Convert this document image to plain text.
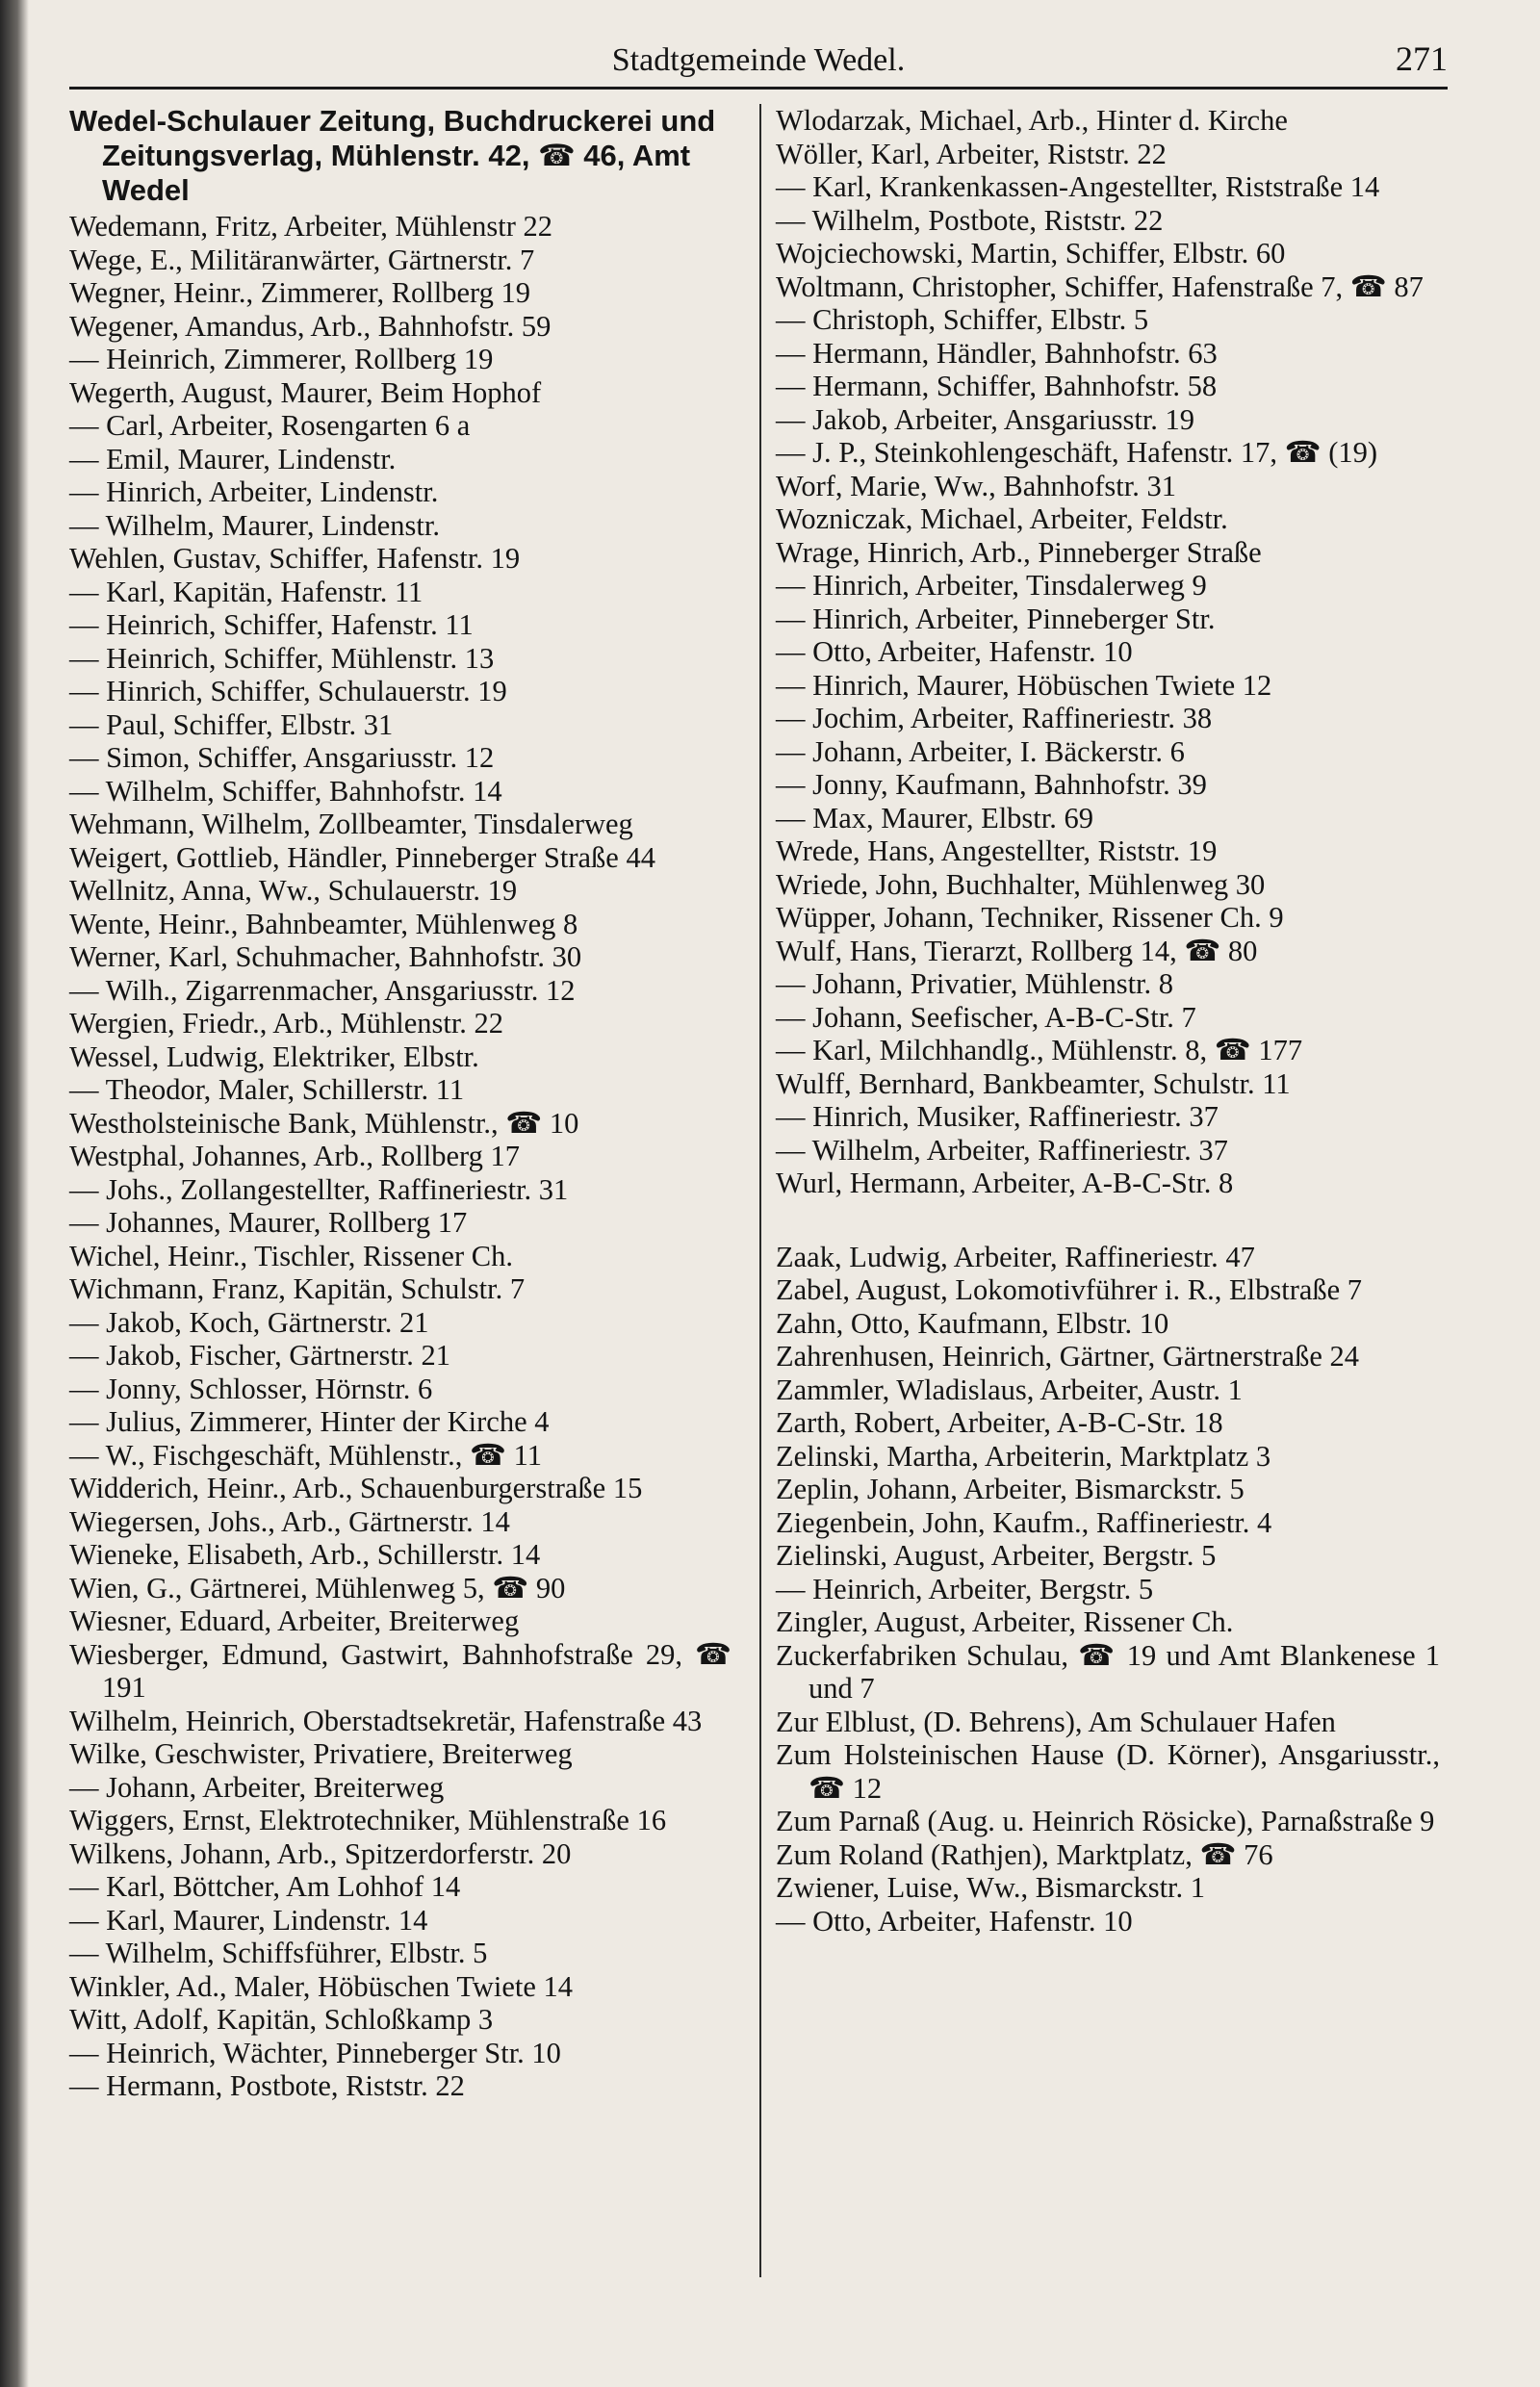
Stadtgemeinde Wedel.	271
Wedel-Schulauer Zeitung, Buchdruckerei und Zeitungsverlag, Mühlenstr. 42, ☎ 46, Amt Wedel
Wedemann, Fritz, Arbeiter, Mühlenstr 22
Wege, E., Militäranwärter, Gärtnerstr. 7
Wegner, Heinr., Zimmerer, Rollberg 19
Wegener, Amandus, Arb., Bahnhofstr. 59
— Heinrich, Zimmerer, Rollberg 19
Wegerth, August, Maurer, Beim Hophof
— Carl, Arbeiter, Rosengarten 6 a
— Emil, Maurer, Lindenstr.
— Hinrich, Arbeiter, Lindenstr.
— Wilhelm, Maurer, Lindenstr.
Wehlen, Gustav, Schiffer, Hafenstr. 19
— Karl, Kapitän, Hafenstr. 11
— Heinrich, Schiffer, Hafenstr. 11
— Heinrich, Schiffer, Mühlenstr. 13
— Hinrich, Schiffer, Schulauerstr. 19
— Paul, Schiffer, Elbstr. 31
— Simon, Schiffer, Ansgariusstr. 12
— Wilhelm, Schiffer, Bahnhofstr. 14
Wehmann, Wilhelm, Zollbeamter, Tinsdalerweg
Weigert, Gottlieb, Händler, Pinneberger Straße 44
Wellnitz, Anna, Ww., Schulauerstr. 19
Wente, Heinr., Bahnbeamter, Mühlenweg 8
Werner, Karl, Schuhmacher, Bahnhofstr. 30
— Wilh., Zigarrenmacher, Ansgariusstr. 12
Wergien, Friedr., Arb., Mühlenstr. 22
Wessel, Ludwig, Elektriker, Elbstr.
— Theodor, Maler, Schillerstr. 11
Westholsteinische Bank, Mühlenstr., ☎ 10
Westphal, Johannes, Arb., Rollberg 17
— Johs., Zollangestellter, Raffineriestr. 31
— Johannes, Maurer, Rollberg 17
Wichel, Heinr., Tischler, Rissener Ch.
Wichmann, Franz, Kapitän, Schulstr. 7
— Jakob, Koch, Gärtnerstr. 21
— Jakob, Fischer, Gärtnerstr. 21
— Jonny, Schlosser, Hörnstr. 6
— Julius, Zimmerer, Hinter der Kirche 4
— W., Fischgeschäft, Mühlenstr., ☎ 11
Widderich, Heinr., Arb., Schauenburgerstraße 15
Wiegersen, Johs., Arb., Gärtnerstr. 14
Wieneke, Elisabeth, Arb., Schillerstr. 14
Wien, G., Gärtnerei, Mühlenweg 5, ☎ 90
Wiesner, Eduard, Arbeiter, Breiterweg
Wiesberger, Edmund, Gastwirt, Bahnhofstraße 29, ☎ 191
Wilhelm, Heinrich, Oberstadtsekretär, Hafenstraße 43
Wilke, Geschwister, Privatiere, Breiterweg
— Johann, Arbeiter, Breiterweg
Wiggers, Ernst, Elektrotechniker, Mühlenstraße 16
Wilkens, Johann, Arb., Spitzerdorferstr. 20
— Karl, Böttcher, Am Lohhof 14
— Karl, Maurer, Lindenstr. 14
— Wilhelm, Schiffsführer, Elbstr. 5
Winkler, Ad., Maler, Höbüschen Twiete 14
Witt, Adolf, Kapitän, Schloßkamp 3
— Heinrich, Wächter, Pinneberger Str. 10
— Hermann, Postbote, Riststr. 22
Wlodarzak, Michael, Arb., Hinter d. Kirche
Wöller, Karl, Arbeiter, Riststr. 22
— Karl, Krankenkassen-Angestellter, Riststraße 14
— Wilhelm, Postbote, Riststr. 22
Wojciechowski, Martin, Schiffer, Elbstr. 60
Woltmann, Christopher, Schiffer, Hafenstraße 7, ☎ 87
— Christoph, Schiffer, Elbstr. 5
— Hermann, Händler, Bahnhofstr. 63
— Hermann, Schiffer, Bahnhofstr. 58
— Jakob, Arbeiter, Ansgariusstr. 19
— J. P., Steinkohlengeschäft, Hafenstr. 17, ☎ (19)
Worf, Marie, Ww., Bahnhofstr. 31
Wozniczak, Michael, Arbeiter, Feldstr.
Wrage, Hinrich, Arb., Pinneberger Straße
— Hinrich, Arbeiter, Tinsdalerweg 9
— Hinrich, Arbeiter, Pinneberger Str.
— Otto, Arbeiter, Hafenstr. 10
— Hinrich, Maurer, Höbüschen Twiete 12
— Jochim, Arbeiter, Raffineriestr. 38
— Johann, Arbeiter, I. Bäckerstr. 6
— Jonny, Kaufmann, Bahnhofstr. 39
— Max, Maurer, Elbstr. 69
Wrede, Hans, Angestellter, Riststr. 19
Wriede, John, Buchhalter, Mühlenweg 30
Wüpper, Johann, Techniker, Rissener Ch. 9
Wulf, Hans, Tierarzt, Rollberg 14, ☎ 80
— Johann, Privatier, Mühlenstr. 8
— Johann, Seefischer, A-B-C-Str. 7
— Karl, Milchhandlg., Mühlenstr. 8, ☎ 177
Wulff, Bernhard, Bankbeamter, Schulstr. 11
— Hinrich, Musiker, Raffineriestr. 37
— Wilhelm, Arbeiter, Raffineriestr. 37
Wurl, Hermann, Arbeiter, A-B-C-Str. 8
Zaak, Ludwig, Arbeiter, Raffineriestr. 47
Zabel, August, Lokomotivführer i. R., Elbstraße 7
Zahn, Otto, Kaufmann, Elbstr. 10
Zahrenhusen, Heinrich, Gärtner, Gärtnerstraße 24
Zammler, Wladislaus, Arbeiter, Austr. 1
Zarth, Robert, Arbeiter, A-B-C-Str. 18
Zelinski, Martha, Arbeiterin, Marktplatz 3
Zeplin, Johann, Arbeiter, Bismarckstr. 5
Ziegenbein, John, Kaufm., Raffineriestr. 4
Zielinski, August, Arbeiter, Bergstr. 5
— Heinrich, Arbeiter, Bergstr. 5
Zingler, August, Arbeiter, Rissener Ch.
Zuckerfabriken Schulau, ☎ 19 und Amt Blankenese 1 und 7
Zur Elblust, (D. Behrens), Am Schulauer Hafen
Zum Holsteinischen Hause (D. Körner), Ansgariusstr., ☎ 12
Zum Parnaß (Aug. u. Heinrich Rösicke), Parnaßstraße 9
Zum Roland (Rathjen), Marktplatz, ☎ 76
Zwiener, Luise, Ww., Bismarckstr. 1
— Otto, Arbeiter, Hafenstr. 10
